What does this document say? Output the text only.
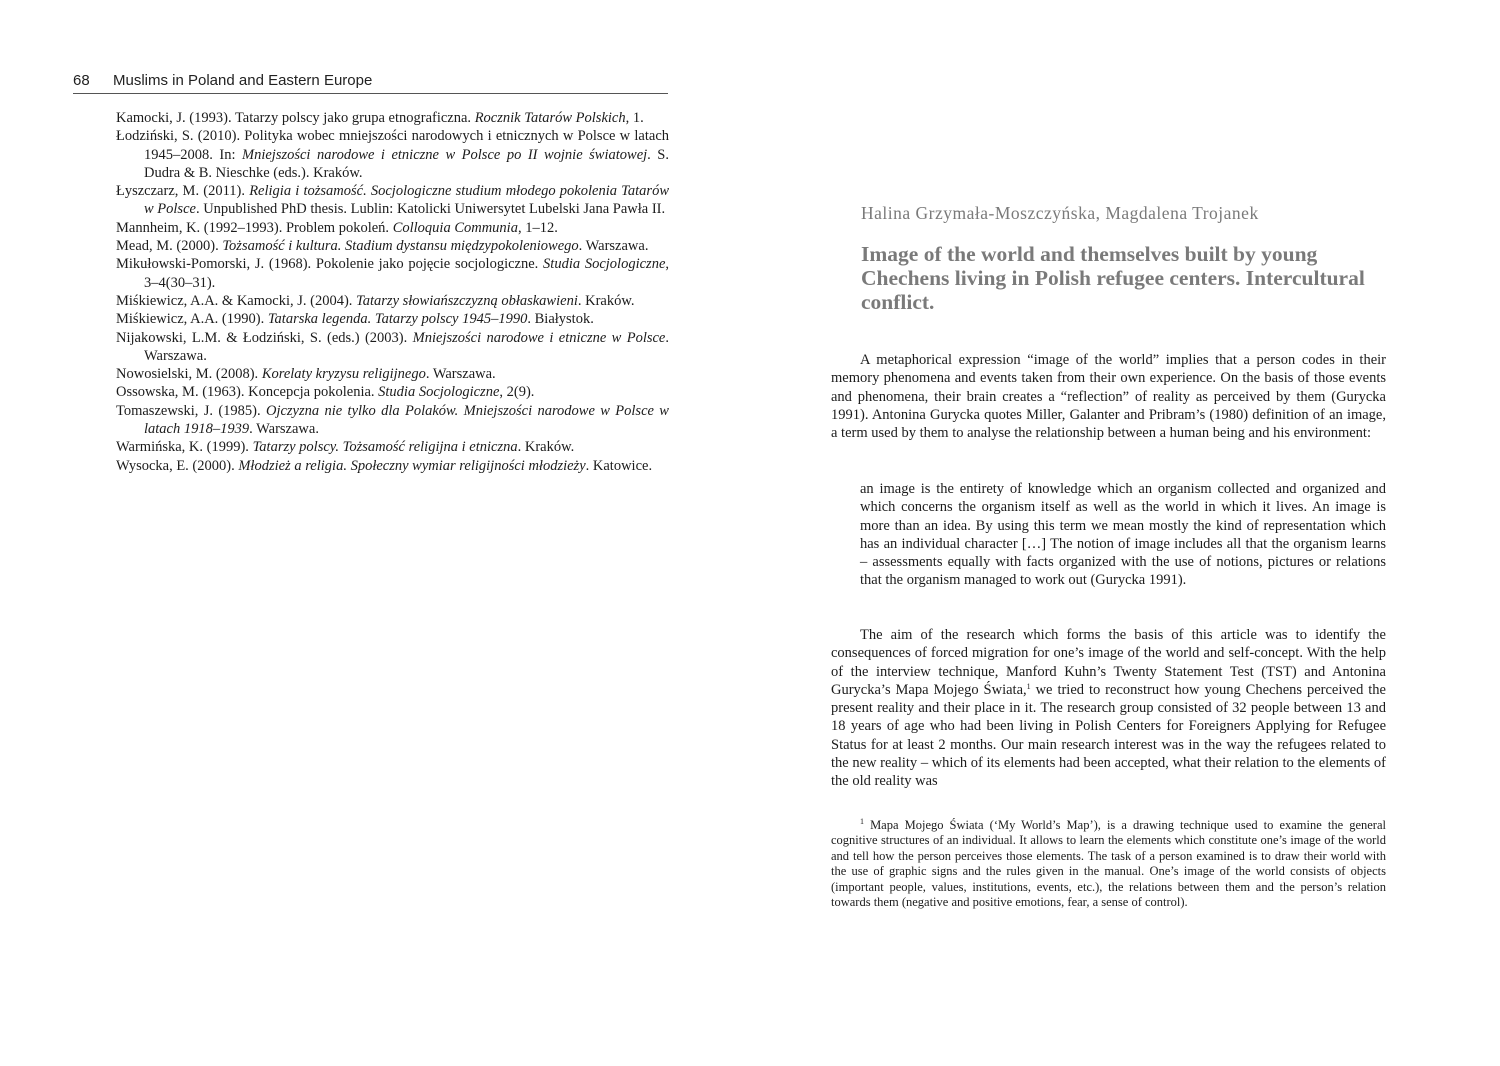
68 Muslims in Poland and Eastern Europe
Kamocki, J. (1993). Tatarzy polscy jako grupa etnograficzna. Rocznik Tatarów Polskich, 1.
Łodziński, S. (2010). Polityka wobec mniejszości narodowych i etnicznych w Polsce w latach 1945–2008. In: Mniejszości narodowe i etniczne w Polsce po II wojnie światowej. S. Dudra & B. Nieschke (eds.). Kraków.
Łyszczarz, M. (2011). Religia i tożsamość. Socjologiczne studium młodego pokolenia Tatarów w Polsce. Unpublished PhD thesis. Lublin: Katolicki Uniwersytet Lubelski Jana Pawła II.
Mannheim, K. (1992–1993). Problem pokoleń. Colloquia Communia, 1–12.
Mead, M. (2000). Tożsamość i kultura. Stadium dystansu międzypokoleniowego. Warszawa.
Mikułowski-Pomorski, J. (1968). Pokolenie jako pojęcie socjologiczne. Studia Socjologiczne, 3–4(30–31).
Miśkiewicz, A.A. & Kamocki, J. (2004). Tatarzy słowiańszczyzną obłaskawieni. Kraków.
Miśkiewicz, A.A. (1990). Tatarska legenda. Tatarzy polscy 1945–1990. Białystok.
Nijakowski, L.M. & Łodziński, S. (eds.) (2003). Mniejszości narodowe i etniczne w Polsce. Warszawa.
Nowosielski, M. (2008). Korelaty kryzysu religijnego. Warszawa.
Ossowska, M. (1963). Koncepcja pokolenia. Studia Socjologiczne, 2(9).
Tomaszewski, J. (1985). Ojczyzna nie tylko dla Polaków. Mniejszości narodowe w Polsce w latach 1918–1939. Warszawa.
Warmińska, K. (1999). Tatarzy polscy. Tożsamość religijna i etniczna. Kraków.
Wysocka, E. (2000). Młodzież a religia. Społeczny wymiar religijności młodzieży. Katowice.
Halina Grzymała-Moszczyńska, Magdalena Trojanek
Image of the world and themselves built by young Chechens living in Polish refugee centers. Intercultural conflict.

A metaphorical expression “image of the world” implies that a person codes in their memory phenomena and events taken from their own experience. On the basis of those events and phenomena, their brain creates a “reflection” of reality as perceived by them (Gurycka 1991). Antonina Gurycka quotes Miller, Galanter and Pribram’s (1980) definition of an image, a term used by them to analyse the relationship between a human being and his environment:

an image is the entirety of knowledge which an organism collected and organized and which concerns the organism itself as well as the world in which it lives. An image is more than an idea. By using this term we mean mostly the kind of representation which has an individual character […] The notion of image includes all that the organism learns – assessments equally with facts organized with the use of notions, pictures or relations that the organism managed to work out (Gurycka 1991).

The aim of the research which forms the basis of this article was to identify the consequences of forced migration for one’s image of the world and self-concept. With the help of the interview technique, Manford Kuhn’s Twenty Statement Test (TST) and Antonina Gurycka’s Mapa Mojego Świata,$^1$ we tried to reconstruct how young Chechens perceived the present reality and their place in it. The research group consisted of 32 people between 13 and 18 years of age who had been living in Polish Centers for Foreigners Applying for Refugee Status for at least 2 months. Our main research interest was in the way the refugees related to the new reality – which of its elements had been accepted, what their relation to the elements of the old reality was

$^1$ Mapa Mojego Świata (‘My World’s Map’), is a drawing technique used to examine the general cognitive structures of an individual. It allows to learn the elements which constitute one’s image of the world and tell how the person perceives those elements. The task of a person examined is to draw their world with the use of graphic signs and the rules given in the manual. One’s image of the world consists of objects (important people, values, institutions, events, etc.), the relations between them and the person’s relation towards them (negative and positive emotions, fear, a sense of control).
